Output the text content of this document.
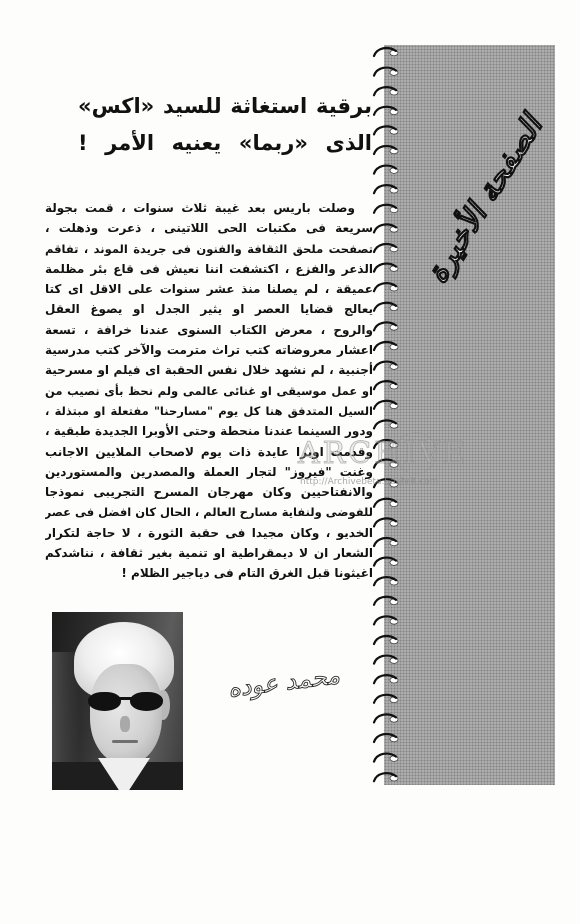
برقية استغاثة للسيد «اكس»
الذى «ربما» يعنيه الأمر !
وصلت باريس بعد غيبة ثلاث سنوات ، قمت بجولة
سريعة فى مكتبات الحى اللاتينى ، ذعرت وذهلت ،
تصفحت ملحق الثقافة والفنون فى جريدة الموند ، تفاقم
الذعر والفزع ، اكتشفت اننا نعيش فى قاع بئر مظلمة
عميقة ، لم يصلنا منذ عشر سنوات على الاقل اى كتا
يعالج قضايا العصر او يثير الجدل او يصوغ العقل
والروح ، معرض الكتاب السنوى عندنا خرافة ، تسعة
اعشار معروضاته كتب تراث مترمت والآخر كتب مدرسية
أجنبية ، لم نشهد خلال نفس الحقبة اى فيلم او مسرحية
او عمل موسيقى او غنائى عالمى ولم نحظ بأى نصيب من
السيل المتدفق هنا كل يوم "مسارحنا" مفتعلة او مبتذلة ،
ودور السينما عندنا منحطة وحتى الأوبرا الجديدة طبقية ،
وقدمت اوبرا عايدة ذات يوم لاصحاب الملايين الاجانب
وغنت "فيروز" لتجار العملة والمصدرين والمستوردين
والانفتاحيين وكان مهرجان المسرح التجريبى نموذجا
للفوضى ولنفاية مسارح العالم ، الحال كان افضل فى عصر
الخديو ، وكان مجيدا فى حقبة الثورة ، لا حاجة لتكرار
الشعار ان لا ديمقراطية او تنمية بغير ثقافة ، نناشدكم
اغيثونا قبل الغرق التام فى دياجير الظلام !
الصفحة الأخيرة
محمد عوده
ARCHIVE
http://Archivebeta.Sakhrit.com
